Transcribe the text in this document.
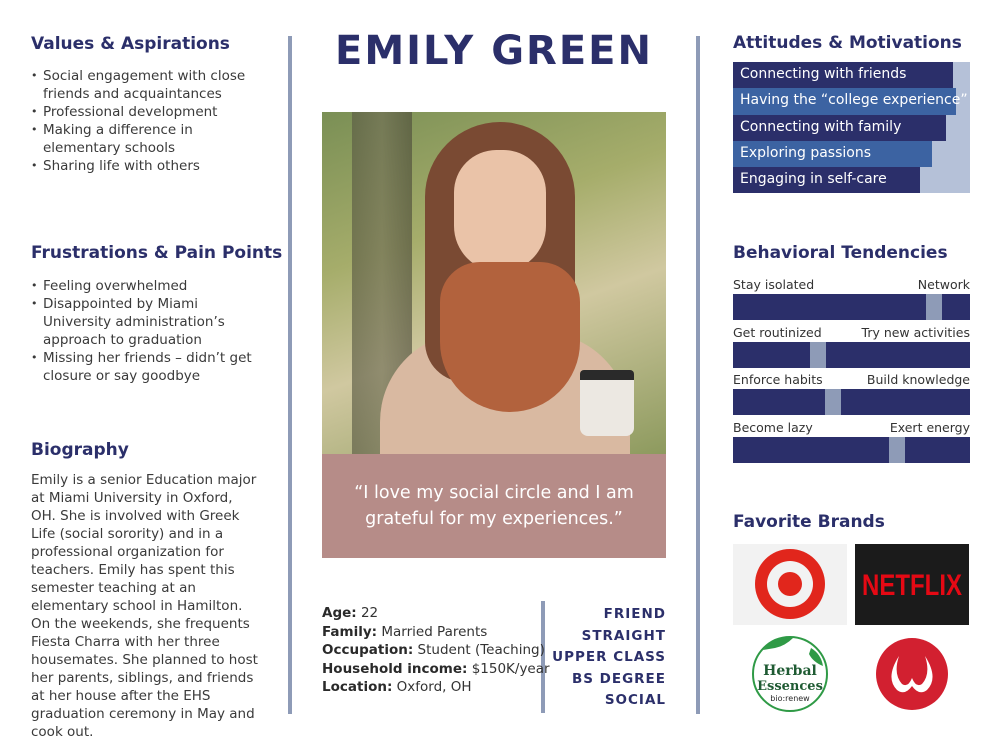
Values & Aspirations
• Social engagement with close friends and acquaintances
• Professional development
• Making a difference in elementary schools
• Sharing life with others
Frustrations & Pain Points
• Feeling overwhelmed
• Disappointed by Miami University administration’s approach to graduation
• Missing her friends – didn’t get closure or say goodbye
Biography
Emily is a senior Education major at Miami University in Oxford, OH. She is involved with Greek Life (social sorority) and in a professional organization for teachers. Emily has spent this semester teaching at an elementary school in Hamilton. On the weekends, she frequents Fiesta Charra with her three housemates. She planned to host her parents, siblings, and friends at her house after the EHS graduation ceremony in May and cook out.
EMILY GREEN
“I love my social circle and I am grateful for my experiences.”
Age: 22
Family: Married Parents
Occupation: Student (Teaching)
Household income: $150K/year
Location: Oxford, OH
FRIEND
STRAIGHT
UPPER CLASS
BS DEGREE
SOCIAL
Attitudes & Motivations
Connecting with friends
Having the “college experience”
Connecting with family
Exploring passions
Engaging in self-care
Behavioral Tendencies
Stay isolated	Network
Get routinized	Try new activities
Enforce habits	Build knowledge
Become lazy	Exert energy
Favorite Brands
NETFLIX
Herbal
Essences
bio:renew
